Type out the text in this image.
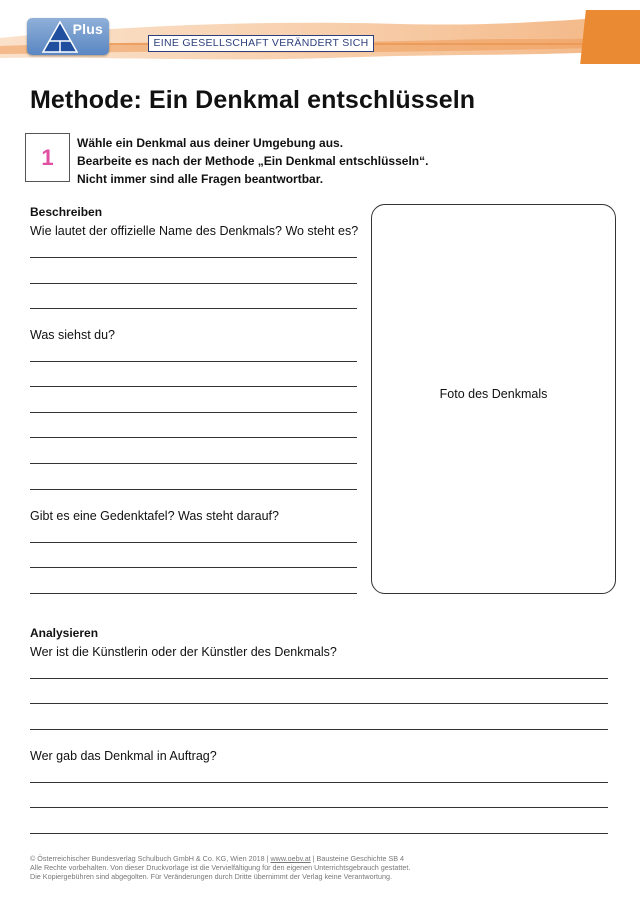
Plus
EINE GESELLSCHAFT VERÄNDERT SICH
Methode: Ein Denkmal entschlüsseln
1
Wähle ein Denkmal aus deiner Umgebung aus.
Bearbeite es nach der Methode „Ein Denkmal entschlüsseln“.
Nicht immer sind alle Fragen beantwortbar.
Beschreiben
Wie lautet der offizielle Name des Denkmals? Wo steht es?
Was siehst du?
Gibt es eine Gedenktafel? Was steht darauf?
Foto des Denkmals
Analysieren
Wer ist die Künstlerin oder der Künstler des Denkmals?
Wer gab das Denkmal in Auftrag?
© Österreichischer Bundesverlag Schulbuch GmbH & Co. KG, Wien 2018 | www.oebv.at | Bausteine Geschichte SB 4
Alle Rechte vorbehalten. Von dieser Druckvorlage ist die Vervielfältigung für den eigenen Unterrichtsgebrauch gestattet.
Die Kopiergebühren sind abgegolten. Für Veränderungen durch Dritte übernimmt der Verlag keine Verantwortung.
